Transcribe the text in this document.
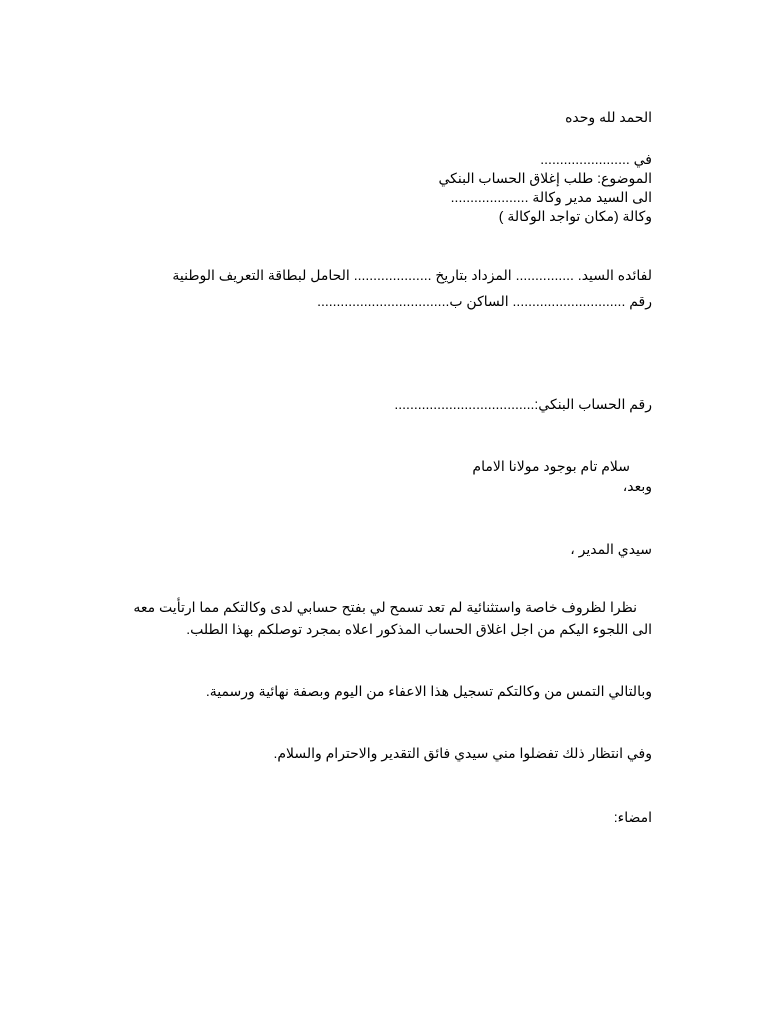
الحمد لله وحده
في .......................
الموضوع: طلب إغلاق الحساب البنكي
الى السيد مدير وكالة ....................
وكالة (مكان تواجد الوكالة )
لفائده السيد. ............... المزداد بتاريخ .................... الحامل لبطاقة التعريف الوطنية
رقم ............................. الساكن ب..................................
رقم الحساب البنكي:....................................
سلام تام بوجود مولانا الامام
وبعد،
سيدي المدير ،
نظرا لظروف خاصة واستثنائية لم تعد تسمح لي بفتح حسابي لدى وكالتكم مما ارتأيت معه
الى اللجوء اليكم من اجل اغلاق الحساب المذكور اعلاه بمجرد توصلكم بهذا الطلب.
وبالتالي التمس من وكالتكم تسجيل هذا الاعفاء من اليوم وبصفة نهائية ورسمية.
وفي انتظار ذلك تفضلوا مني سيدي فائق التقدير والاحترام والسلام.
امضاء:
